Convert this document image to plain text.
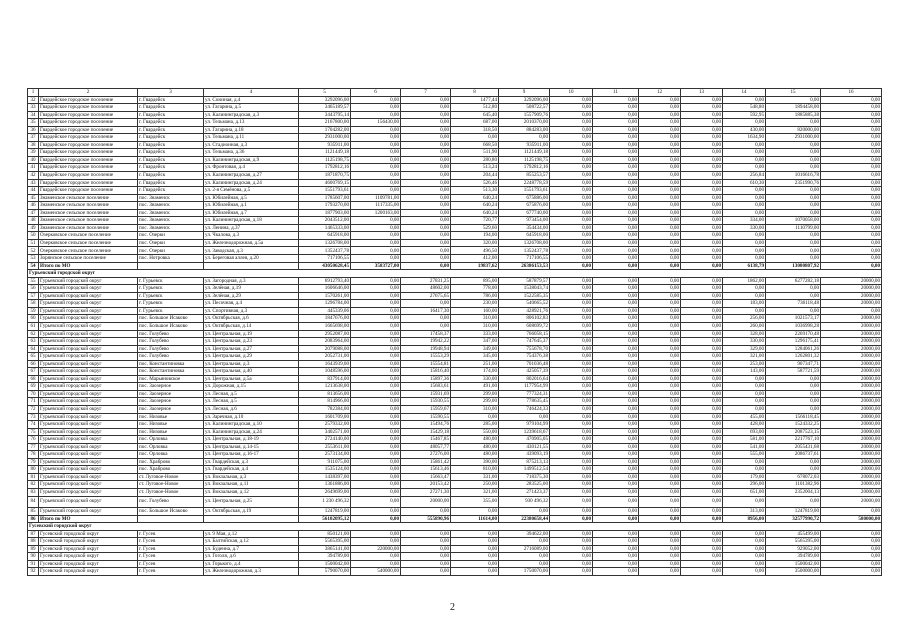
1	2	3	4	5	6	7	8	9	10	11	12	13	14	15	16
32	Гвардейское городское поселение	г. Гвардейск	ул. Союзная, д.4	3292096,00	0,00	0,00	1477,44	3292096,00	0,00	0,00	0,00	0,00	0,00	0,00	0,00
33	Гвардейское городское поселение	г. Гвардейск	ул. Гагарина, д.5	3465189,57	0,00	0,00	512,80	508722,57	0,00	0,00	0,00	0,00	548,80	1894458,00	0,00
34	Гвардейское городское поселение	г. Гвардейск	ул. Калининградская, д.3	3443795,14	0,00	0,00	645,40	1557909,76	0,00	0,00	0,00	0,00	592,95	1885885,38	0,00
35	Гвардейское городское поселение	г. Гвардейск	ул. Тельмана, д.13	2167800,00	156430,00	0,00	687,00	2010370,00	0,00	0,00	0,00	0,00	0,00	0,00	0,00
36	Гвардейское городское поселение	г. Гвардейск	ул. Гагарина, д.18	1704282,00	0,00	0,00	318,50	884283,00	0,00	0,00	0,00	0,00	430,00	820000,00	0,00
37	Гвардейское городское поселение	г. Гвардейск	ул. Тельмана, д.11	2931000,00	0,00	0,00	0,00	0,00	0,00	0,00	0,00	0,00	1634,90	2931000,00	0,00
38	Гвардейское городское поселение	г. Гвардейск	ул. Стадионная, д.3	935911,00	0,00	0,00	668,50	935911,00	0,00	0,00	0,00	0,00	0,00	0,00	0,00
39	Гвардейское городское поселение	г. Гвардейск	ул. Тельмана, д.36	1121449,18	0,00	0,00	511,90	1121449,18	0,00	0,00	0,00	0,00	0,00	0,00	0,00
40	Гвардейское городское поселение	г. Гвардейск	ул. Калининградская, д.9	1125198,75	0,00	0,00	280,80	1125198,75	0,00	0,00	0,00	0,00	0,00	0,00	0,00
41	Гвардейское городское поселение	г. Гвардейск	ул. Фронтовая, д.4	1792812,16	0,00	0,00	513,24	1792812,16	0,00	0,00	0,00	0,00	0,00	0,00	0,00
42	Гвардейское городское поселение	г. Гвардейск	ул. Калининградская, д.27	1871870,75	0,00	0,00	204,44	855253,57	0,00	0,00	0,00	0,00	256,84	1016616,78	0,00
43	Гвардейское городское поселение	г. Гвардейск	ул. Калининградская, д.24	4600769,15	0,00	0,00	526,46	2248778,59	0,00	0,00	0,00	0,00	610,30	2351990,76	0,00
44	Гвардейское городское поселение	г. Гвардейск	ул. 2-я Семёнова, д.5	1551793,61	0,00	0,00	513,30	1551793,61	0,00	0,00	0,00	0,00	0,00	0,00	0,00
45	Знаменское сельское поселение	пос. Знаменск	ул. Юбилейная, д.5	1785607,00	1109781,00	0,00	640,24	675886,00	0,00	0,00	0,00	0,00	0,00	0,00	0,00
46	Знаменское сельское поселение	пос. Знаменск	ул. Юбилейная, д.1	1793270,00	1117335,00	0,00	640,24	675876,00	0,00	0,00	0,00	0,00	0,00	0,00	0,00
47	Знаменское сельское поселение	пос. Знаменск	ул. Юбилейная, д.7	1877903,00	1200163,00	0,00	640,24	677740,00	0,00	0,00	0,00	0,00	0,00	0,00	0,00
48	Знаменское сельское поселение	пос. Знаменск	ул. Калининградская, д.18	2043512,00	0,00	0,00	720,77	973454,00	0,00	0,00	0,00	0,00	334,00	1070058,00	0,00
49	Знаменское сельское поселение	пос. Знаменск	ул. Ленина, д.37	1465333,00	0,00	0,00	529,60	354434,00	0,00	0,00	0,00	0,00	330,00	1110799,00	0,00
50	Озерковское сельское поселение	пос. Озерки	ул. Чкалова, д.3	645918,00	0,00	0,00	194,00	645918,00	0,00	0,00	0,00	0,00	0,00	0,00	0,00
51	Озерковское сельское поселение	пос. Озерки	ул. Железнодорожная, д.5а	1326708,00	0,00	0,00	320,00	1326708,00	0,00	0,00	0,00	0,00	0,00	0,00	0,00
52	Озерковское сельское поселение	пос. Озерки	ул. Заводская, д.3	1352437,78	0,00	0,00	496,50	1352437,78	0,00	0,00	0,00	0,00	0,00	0,00	0,00
53	Зорянское сельское поселение	пос. Нотровка	ул. Береговая аллея, д.20	717106,55	0,00	0,00	412,00	717106,55	0,00	0,00	0,00	0,00	0,00	0,00	0,00
54	Итого по МО			43050628,45	3583727,00	0,00	19837,62	26386153,53	0,00	0,00	0,00	0,00	6138,79	13080807,92	0,00
Гурьевский городской округ															
55	Гурьевский городской округ	г. Гурьевск	ул. Загородная, д.3	6912793,40	0,00	27831,25	895,00	587879,57	0,00	0,00	0,00	0,00	1862,00	6277282,18	20000,00
56	Гурьевский городской округ	г. Гурьевск	ул. Зелёная, д.19	1606646,00	0,00	48602,00	778,00	1538043,74	0,00	0,00	0,00	0,00	0,00	0,00	20000,00
57	Гурьевский городской округ	г. Гурьевск	ул. Зелёная, д.29	1570261,00	0,00	27675,65	786,00	1522585,35	0,00	0,00	0,00	0,00	0,00	0,00	20000,00
58	Гурьевский городской округ	г. Гурьевск	ул. Песочная, д.4	1296784,00	0,00	0,00	230,00	540665,52	0,00	0,00	0,00	0,00	183,00	736118,48	20000,00
59	Гурьевский городской округ	г. Гурьевск	ул. Спортивная, д.3	445339,06	0,00	16417,30	160,00	428921,76	0,00	0,00	0,00	0,00	0,00	0,00	0,00
60	Гурьевский городской округ	пос. Большое Исаково	ул. Октябрьская, д.6	1847676,00	0,00	0,00	310,00	806102,83	0,00	0,00	0,00	0,00	256,00	1021573,17	20000,00
61	Гурьевский городской округ	пос. Большое Исаково	ул. Октябрьская, д.14	1665698,00	0,00	0,00	310,00	608699,72	0,00	0,00	0,00	0,00	260,00	1036998,28	20000,00
62	Гурьевский городской округ	пос. Голубево	ул. Центральная, д.19	2952087,00	0,00	17458,37	333,00	766058,15	0,00	0,00	0,00	0,00	328,00	2269170,48	20000,00
63	Гурьевский городской округ	пос. Голубево	ул. Центральная, д.23	2083964,00	0,00	19942,22	347,00	747645,37	0,00	0,00	0,00	0,00	330,00	1296175,41	20000,00
64	Гурьевский городской округ	пос. Голубево	ул. Центральная, д.27	2079088,00	0,00	19948,94	349,00	755678,70	0,00	0,00	0,00	0,00	329,00	1284061,26	20000,00
65	Гурьевский городской округ	пос. Голубево	ул. Центральная, д.29	2052731,00	0,00	15553,29	345,00	754376,38	0,00	0,00	0,00	0,00	321,00	1262801,32	20000,00
66	Гурьевский городской округ	пос. Константиновка	ул. Центральная, д.3	1643939,00	0,00	15554,81	251,00	701036,48	0,00	0,00	0,00	0,00	253,00	907347,71	20000,00
67	Гурьевский городской округ	пос. Константиновка	ул. Центральная, д.40	1048596,00	0,00	15816,40	174,00	425057,39	0,00	0,00	0,00	0,00	143,00	587721,59	20000,00
68	Гурьевский городской округ	пос. Марьяновское	ул. Центральная, д.5а	837914,00	0,00	15897,36	330,00	802016,64	0,00	0,00	0,00	0,00	0,00	0,00	20000,00
69	Гурьевский городской округ	пос. Заозерное	ул. Дорожная, д.15	1213638,00	0,00	15683,61	491,00	1177954,99	0,00	0,00	0,00	0,00	0,00	0,00	20000,00
70	Гурьевский городской округ	пос. Заозерное	ул. Лесная, д.5	813656,00	0,00	15931,69	299,00	777324,31	0,00	0,00	0,00	0,00	0,00	0,00	20000,00
71	Гурьевский городской округ	пос. Заозерное	ул. Лесная, д.5	814966,00	0,00	15930,55	299,00	778635,45	0,00	0,00	0,00	0,00	0,00	0,00	20000,00
72	Гурьевский городской округ	пос. Заозерное	ул. Лесная, д.6	782384,00	0,00	15959,67	310,00	746424,33	0,00	0,00	0,00	0,00	0,00	0,00	20000,00
73	Гурьевский городской округ	пос. Низовье	ул. Заречная, д.10	1601709,00	0,00	15590,55	0,00	0,00	0,00	0,00	0,00	0,00	455,00	1566118,45	20000,00
74	Гурьевский городской округ	пос. Низовье	ул. Калининградская, д.10	2579332,00	0,00	15494,76	285,00	979104,99	0,00	0,00	0,00	0,00	428,00	1524332,25	20000,00
75	Гурьевский городской округ	пос. Низовье	ул. Калининградская, д.24	3402571,00	0,00	15429,18	550,00	1239618,67	0,00	0,00	0,00	0,00	693,00	2087523,15	20000,00
76	Гурьевский городской округ	пос. Орловка	ул. Центральная, д.18-19	2724140,00	0,00	15467,85	480,00	470905,05	0,00	0,00	0,00	0,00	581,00	2217767,10	20000,00
77	Гурьевский городской округ	пос. Орловка	ул. Центральная, д.14-15	2553611,00	0,00	48057,77	480,00	430121,55	0,00	0,00	0,00	0,00	541,00	2055431,68	20000,00
78	Гурьевский городской округ	пос. Орловка	ул. Центральная, д.16-17	2573134,00	0,00	27276,00	480,00	439093,19	0,00	0,00	0,00	0,00	555,00	2086737,61	20000,00
79	Гурьевский городской округ	пос. Храброво	ул. Гвардейская, д.3	911075,00	0,00	15861,42	390,00	875213,13	0,00	0,00	0,00	0,00	0,00	0,00	20000,00
80	Гурьевский городской округ	пос. Храброво	ул. Гвардейская, д.4	1535124,00	0,00	15613,46	810,00	1499512,54	0,00	0,00	0,00	0,00	0,00	0,00	20000,00
81	Гурьевский городской округ	ст. Луговое-Новое	ул. Вокзальная, д.3	1438397,00	0,00	15663,47	331,00	718375,30	0,00	0,00	0,00	0,00	179,00	678072,03	20000,00
82	Гурьевский городской округ	ст. Луговое-Новое	ул. Вокзальная, д.11	1361886,00	0,00	20153,42	250,00	283525,00	0,00	0,00	0,00	0,00	296,00	1101382,96	20000,00
83	Гурьевский городской округ	ст. Луговое-Новое	ул. Вокзальная, д.12	2649699,00	0,00	27271,30	321,00	271423,37	0,00	0,00	0,00	0,00	651,00	2352004,13	20000,00
84	Гурьевский городской округ	пос. Голубево	ул. Центральная, д.25	1 230 496,32	0,00	20000,00	355,00	930 496,32	0,00	0,00	0,00	0,00	0,00	0,00	20000,00
85	Гурьевский городской округ	пос. Большое Исаково	ул. Октябрьская, д.19	1247819,00	0,00	0,00	0,00	0,00	0,00	0,00	0,00	0,00	313,00	1247819,00	0,00
86	Итого по МО			56102095,12	0,00	555890,96	11614,00	22380658,44	0,00	0,00	0,00	0,00	8956,00	32577990,72	580000,00
Гусевский городской округ															
87	Гусевский городской округ	г. Гусев	ул. 9 Мая, д.12	850121,00	0,00	0,00	0,00	394622,00	0,00	0,00	0,00	0,00	0,00	455499,00	0,00
88	Гусевский городской округ	г. Гусев	ул. Балтийская, д.12	5565395,00	0,00	0,00	0,00	0,00	0,00	0,00	0,00	0,00	0,00	5565395,00	0,00
89	Гусевский городской округ	г. Гусев	ул. Буденна, д.7	3865141,00	220000,00	0,00	0,00	2716089,00	0,00	0,00	0,00	0,00	0,00	929052,00	0,00
90	Гусевский городской округ	г. Гусев	ул. Гоголя, д.6	394789,00	0,00	0,00	0,00	0,00	0,00	0,00	0,00	0,00	0,00	394789,00	0,00
91	Гусевский городской округ	г. Гусев	ул. Горького, д.4	1500042,00	0,00	0,00	0,00	0,00	0,00	0,00	0,00	0,00	0,00	1500042,00	0,00
92	Гусевский городской округ	г. Гусев	ул. Железнодорожная, д.3	5790070,00	540000,00	0,00	0,00	1750070,00	0,00	0,00	0,00	0,00	0,00	3500000,00	0,00
2
